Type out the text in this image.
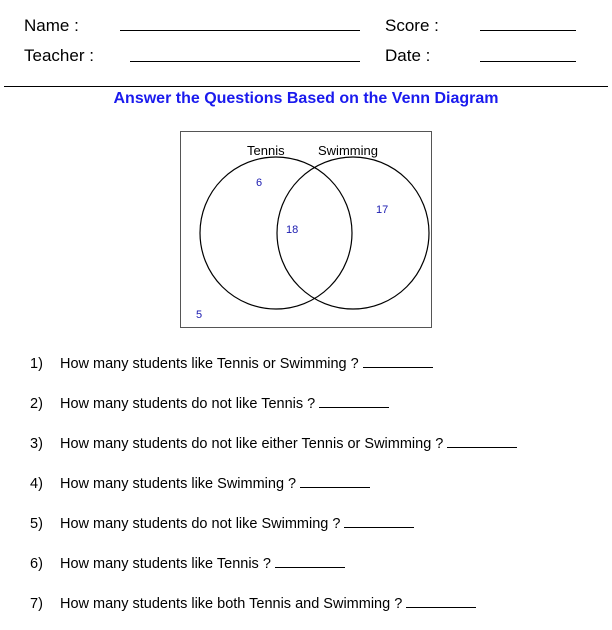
Name :	Score :
Teacher :	Date :
Answer the Questions Based on the Venn Diagram
Tennis	Swimming
6
18
17
5
1) How many students like Tennis or Swimming ?
2) How many students do not like Tennis ?
3) How many students do not like either Tennis or Swimming ?
4) How many students like Swimming ?
5) How many students do not like Swimming ?
6) How many students like Tennis ?
7) How many students like both Tennis and Swimming ?
